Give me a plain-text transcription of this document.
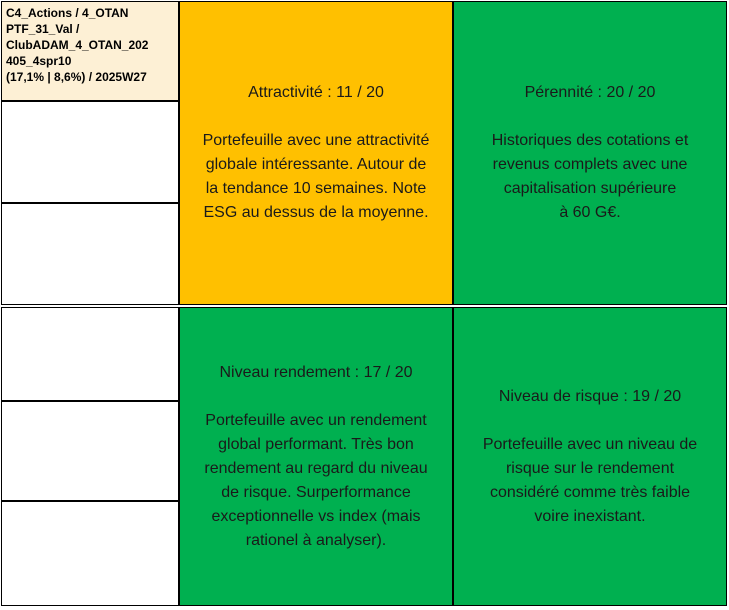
C4_Actions / 4_OTAN
PTF_31_Val /
ClubADAM_4_OTAN_202
405_4spr10
(17,1% | 8,6%) / 2025W27
Attractivité : 11 / 20
Portefeuille avec une attractivité
globale intéressante. Autour de
la tendance 10 semaines. Note
ESG au dessus de la moyenne.
Pérennité : 20 / 20
Historiques des cotations et
revenus complets avec une
capitalisation supérieure
à 60 G€.
Niveau rendement : 17 / 20
Portefeuille avec un rendement
global performant. Très bon
rendement au regard du niveau
de risque. Surperformance
exceptionnelle vs index (mais
rationel à analyser).
Niveau de risque : 19 / 20
Portefeuille avec un niveau de
risque sur le rendement
considéré comme très faible
voire inexistant.
